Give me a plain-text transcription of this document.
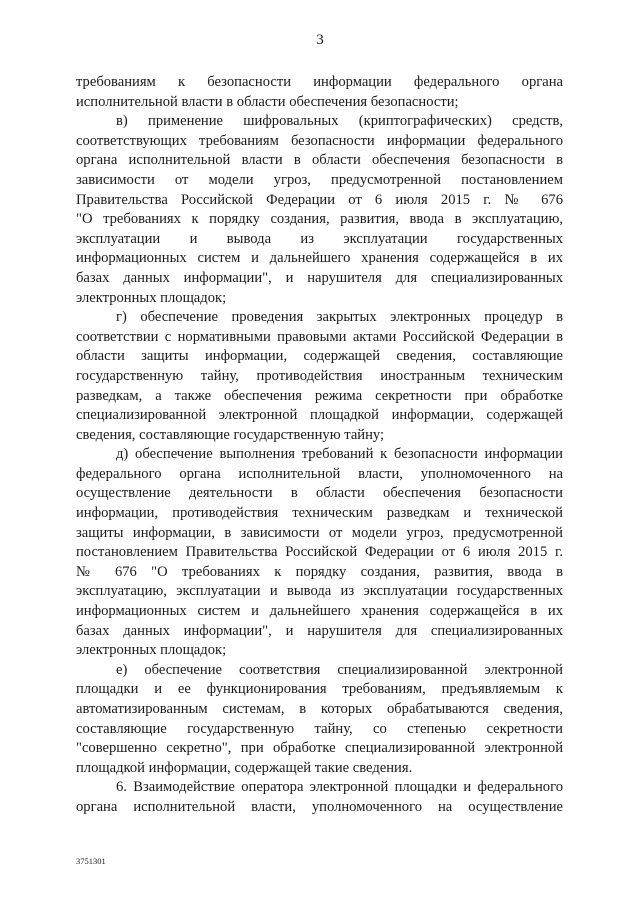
3
требованиям к безопасности информации федерального органа
исполнительной власти в области обеспечения безопасности;
в) применение шифровальных (криптографических) средств,
соответствующих требованиям безопасности информации федерального
органа исполнительной власти в области обеспечения безопасности в
зависимости от модели угроз, предусмотренной постановлением
Правительства Российской Федерации от 6 июля 2015 г. № 676
"О требованиях к порядку создания, развития, ввода в эксплуатацию,
эксплуатации и вывода из эксплуатации государственных
информационных систем и дальнейшего хранения содержащейся в их
базах данных информации", и нарушителя для специализированных
электронных площадок;
г) обеспечение проведения закрытых электронных процедур в
соответствии с нормативными правовыми актами Российской Федерации в
области защиты информации, содержащей сведения, составляющие
государственную тайну, противодействия иностранным техническим
разведкам, а также обеспечения режима секретности при обработке
специализированной электронной площадкой информации, содержащей
сведения, составляющие государственную тайну;
д) обеспечение выполнения требований к безопасности информации
федерального органа исполнительной власти, уполномоченного на
осуществление деятельности в области обеспечения безопасности
информации, противодействия техническим разведкам и технической
защиты информации, в зависимости от модели угроз, предусмотренной
постановлением Правительства Российской Федерации от 6 июля 2015 г.
№ 676 "О требованиях к порядку создания, развития, ввода в
эксплуатацию, эксплуатации и вывода из эксплуатации государственных
информационных систем и дальнейшего хранения содержащейся в их
базах данных информации", и нарушителя для специализированных
электронных площадок;
е) обеспечение соответствия специализированной электронной
площадки и ее функционирования требованиям, предъявляемым к
автоматизированным системам, в которых обрабатываются сведения,
составляющие государственную тайну, со степенью секретности
"совершенно секретно", при обработке специализированной электронной
площадкой информации, содержащей такие сведения.
6. Взаимодействие оператора электронной площадки и федерального
органа исполнительной власти, уполномоченного на осуществление
3751301
